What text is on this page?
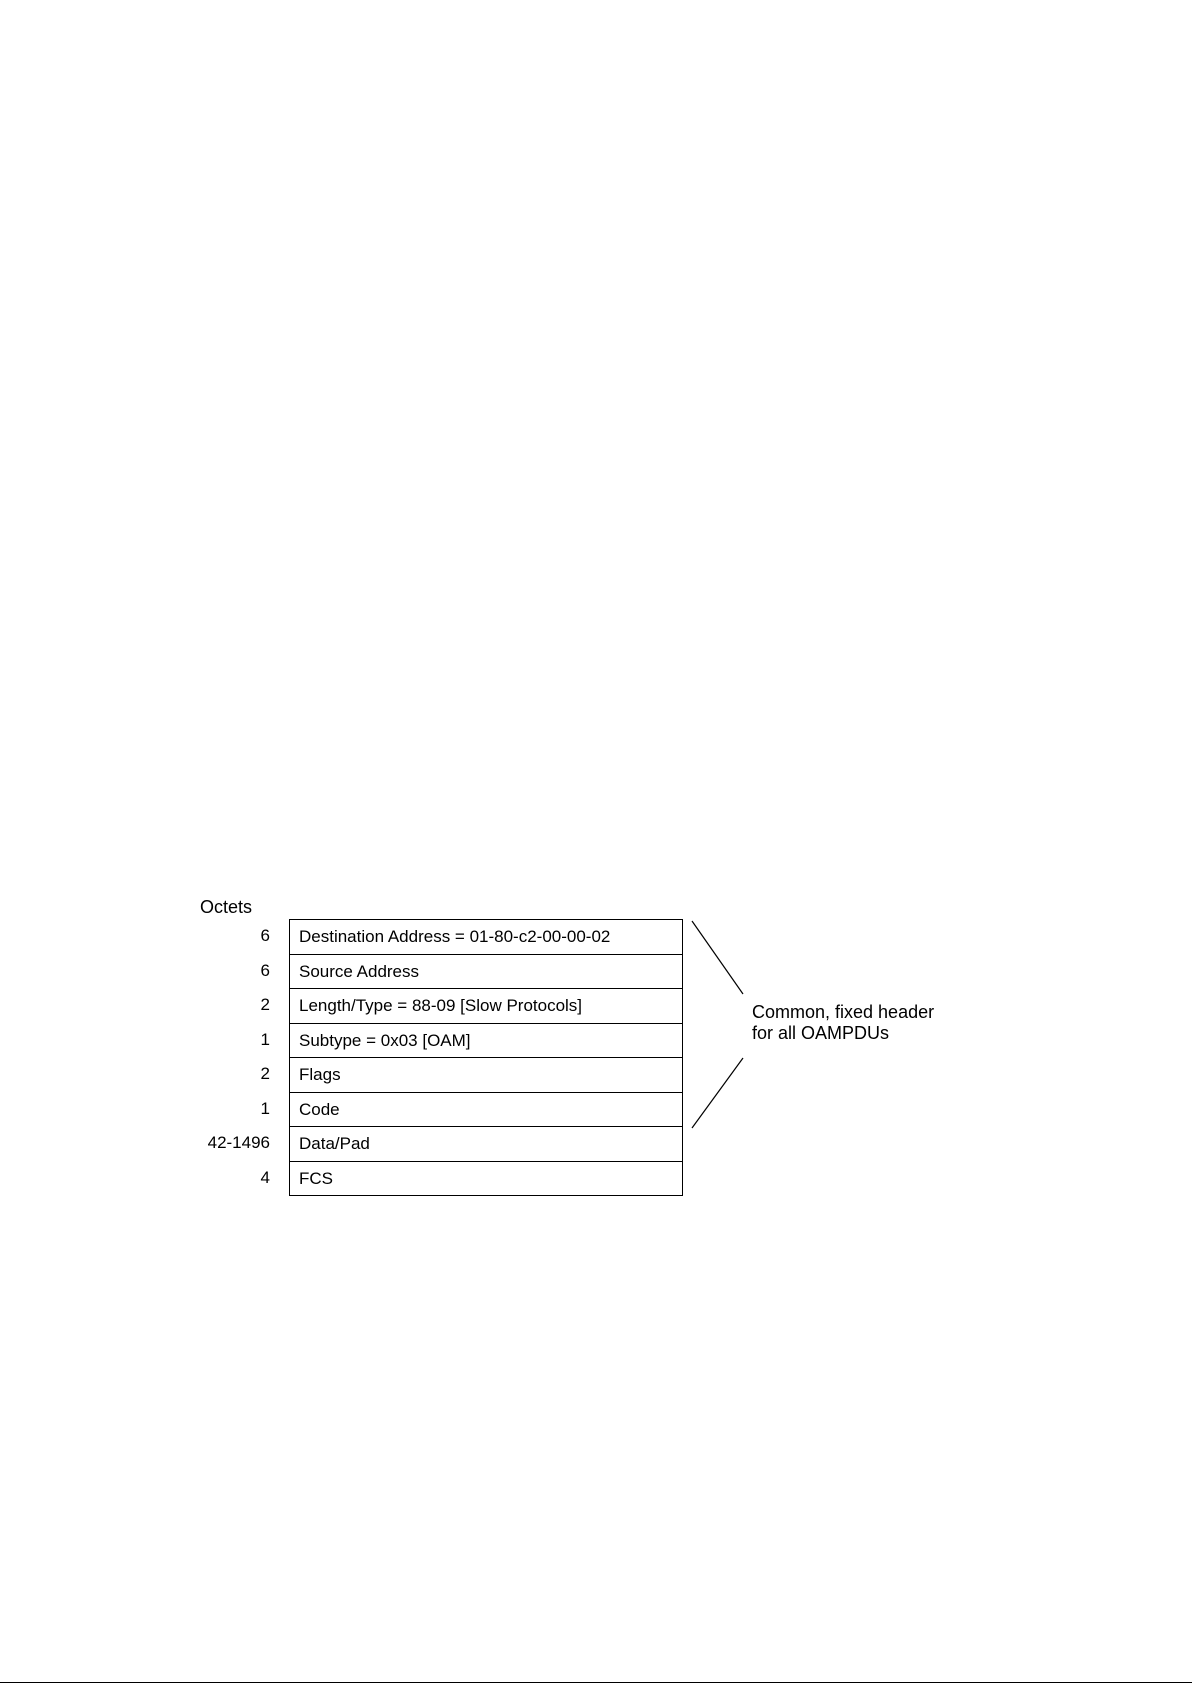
Octets
6
6
2
1
2
1
42-1496
4
Destination Address = 01-80-c2-00-00-02
Source Address
Length/Type = 88-09 [Slow Protocols]
Subtype = 0x03 [OAM]
Flags
Code
Data/Pad
FCS
Common, fixed header
for all OAMPDUs
